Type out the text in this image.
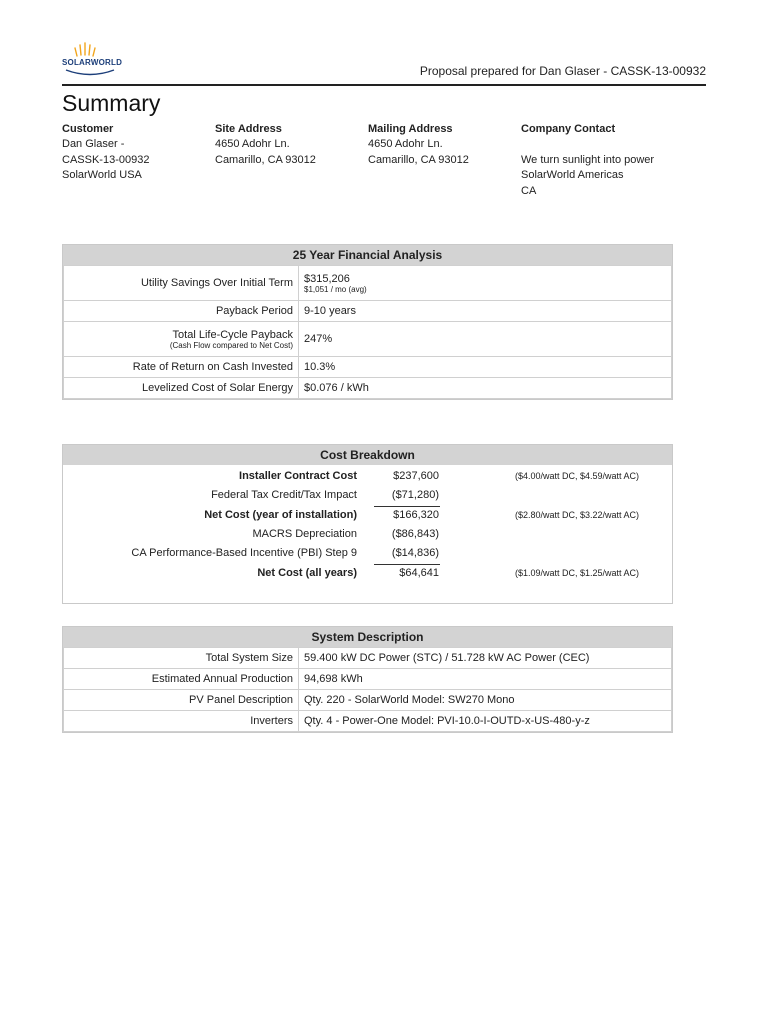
SOLARWORLD
Proposal prepared for Dan Glaser - CASSK-13-00932
Summary
Customer
Dan Glaser -
CASSK-13-00932
SolarWorld USA
Site Address
4650 Adohr Ln.
Camarillo, CA 93012
Mailing Address
4650 Adohr Ln.
Camarillo, CA 93012
Company Contact

We turn sunlight into power
SolarWorld Americas
CA
25 Year Financial Analysis
Utility Savings Over Initial Term	$315,206
$1,051 / mo (avg)

Payback Period	9-10 years

Total Life-Cycle Payback
(Cash Flow compared to Net Cost)	247%
Rate of Return on Cash Invested	10.3%
Levelized Cost of Solar Energy	$0.076 / kWh
Cost Breakdown
Installer Contract Cost	$237,600	($4.00/watt DC, $4.59/watt AC)
Federal Tax Credit/Tax Impact	($71,280)
Net Cost (year of installation)	$166,320	($2.80/watt DC, $3.22/watt AC)
MACRS Depreciation	($86,843)
CA Performance-Based Incentive (PBI) Step 9	($14,836)
Net Cost (all years)	$64,641	($1.09/watt DC, $1.25/watt AC)
System Description
Total System Size	59.400 kW DC Power (STC) / 51.728 kW AC Power (CEC)
Estimated Annual Production	94,698 kWh
PV Panel Description	Qty. 220 - SolarWorld Model: SW270 Mono
Inverters	Qty. 4 - Power-One Model: PVI-10.0-I-OUTD-x-US-480-y-z
